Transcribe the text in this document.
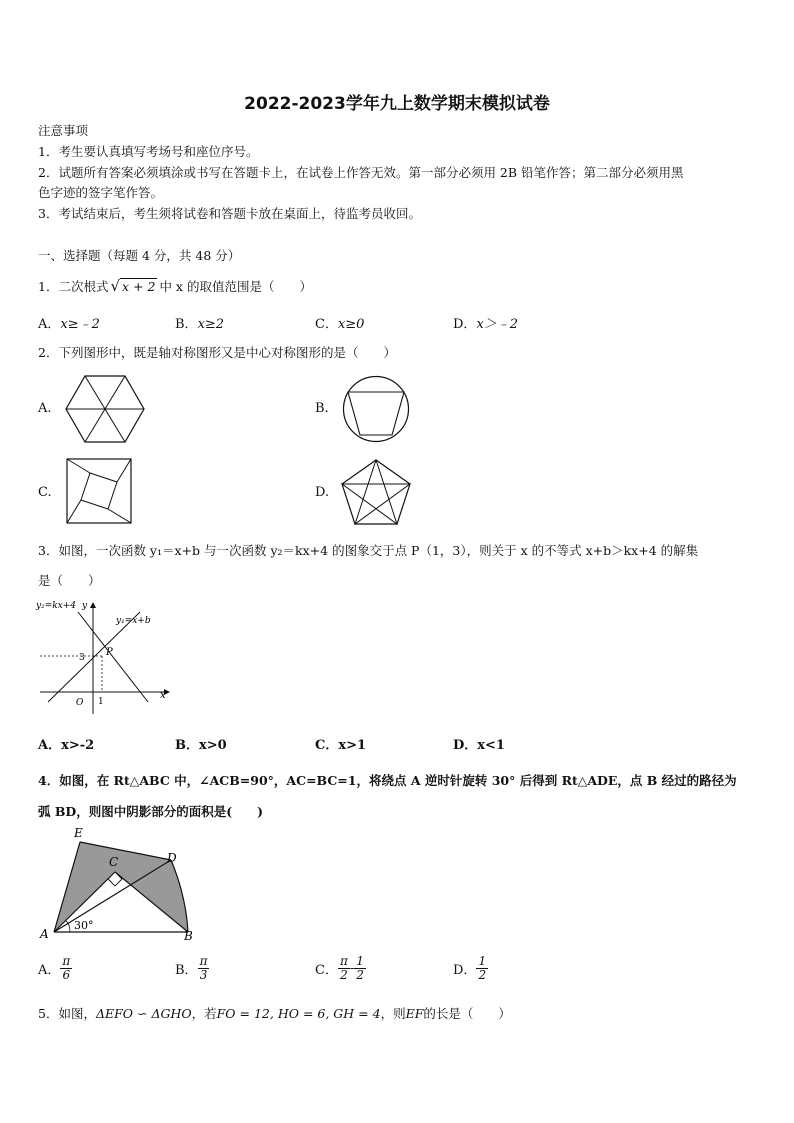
2022-2023学年九上数学期末模拟试卷
注意事项
1．考生要认真填写考场号和座位序号。
2．试题所有答案必须填涂或书写在答题卡上，在试卷上作答无效。第一部分必须用 2B 铅笔作答；第二部分必须用黑
色字迹的签字笔作答。
3．考试结束后，考生须将试卷和答题卡放在桌面上，待监考员收回。
一、选择题（每题 4 分，共 48 分）
1．二次根式 √ x + 2 中 x 的取值范围是（　　）
A．x≥﹣2	B．x≥2	C．x≥0	D．x＞﹣2
2．下列图形中，既是轴对称图形又是中心对称图形的是（　　）
A.	B.
C.	D.
3．如图，一次函数 y₁＝x+b 与一次函数 y₂＝kx+4 的图象交于点 P（1，3），则关于 x 的不等式 x+b＞kx+4 的解集
是（　　）
y₂=kx+4 y
y₁=x+b
P
3
x
O 1
A．x>-2	B．x>0	C．x>1	D．x<1
4．如图，在 Rt△ABC 中，∠ACB=90°，AC=BC=1，将绕点 A 逆时针旋转 30° 后得到 Rt△ADE，点 B 经过的路径为
弧 BD，则图中阴影部分的面积是(　　)
E
C	D
A	B
30°
A． $\frac{\pi}{6}$	B． $\frac{\pi}{3}$	C． $\frac{\pi}{2} - \frac{1}{2}$	D． $\frac{1}{2}$
5．如图，ΔEFO ∽ ΔGHO，若FO = 12, HO = 6, GH = 4，则EF的长是（　　）
